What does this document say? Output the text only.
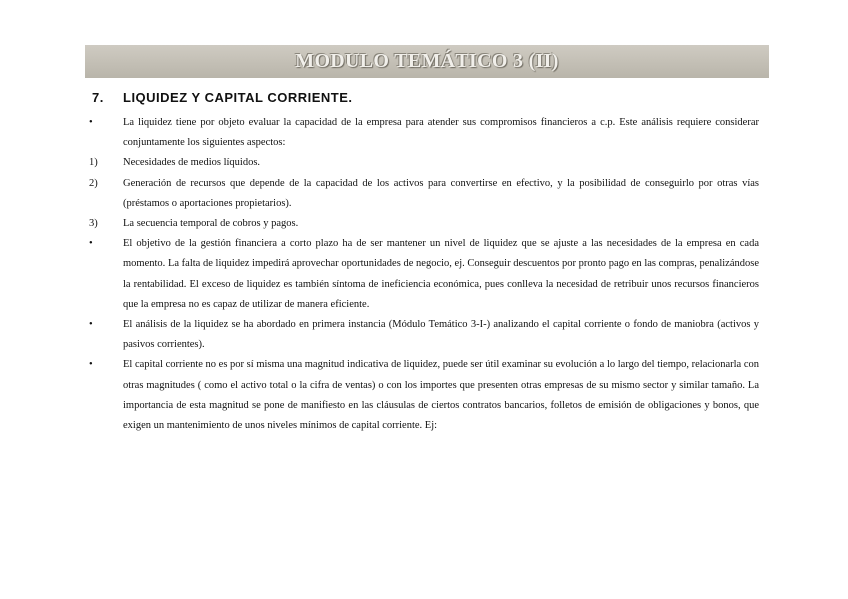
MODULO TEMÁTICO 3 (II)
7. LIQUIDEZ Y CAPITAL CORRIENTE.
•	La liquidez tiene por objeto evaluar la capacidad de la empresa para atender sus compromisos financieros a c.p. Este análisis requiere considerar conjuntamente los siguientes aspectos:
1)	Necesidades de medios líquidos.
2)	Generación de recursos que depende de la capacidad de los activos para convertirse en efectivo, y la posibilidad de conseguirlo por otras vías (préstamos o aportaciones propietarios).
3)	La secuencia temporal de cobros y pagos.
•	El objetivo de la gestión financiera a corto plazo ha de ser mantener un nivel de liquidez que se ajuste a las necesidades de la empresa en cada momento. La falta de liquidez impedirá aprovechar oportunidades de negocio, ej. Conseguir descuentos por pronto pago en las compras, penalizándose la rentabilidad. El exceso de liquidez es también síntoma de ineficiencia económica, pues conlleva la necesidad de retribuir unos recursos financieros que la empresa no es capaz de utilizar de manera eficiente.
•	El análisis de la liquidez se ha abordado en primera instancia (Módulo Temático 3-I-) analizando el capital corriente o fondo de maniobra (activos y pasivos corrientes).
•	El capital corriente no es por sí misma una magnitud indicativa de liquidez, puede ser útil examinar su evolución a lo largo del tiempo, relacionarla con otras magnitudes ( como el activo total o la cifra de ventas) o con los importes que presenten otras empresas de su mismo sector y similar tamaño. La importancia de esta magnitud se pone de manifiesto en las cláusulas de ciertos contratos bancarios, folletos de emisión de obligaciones y bonos, que exigen un mantenimiento de unos niveles mínimos de capital corriente. Ej:
